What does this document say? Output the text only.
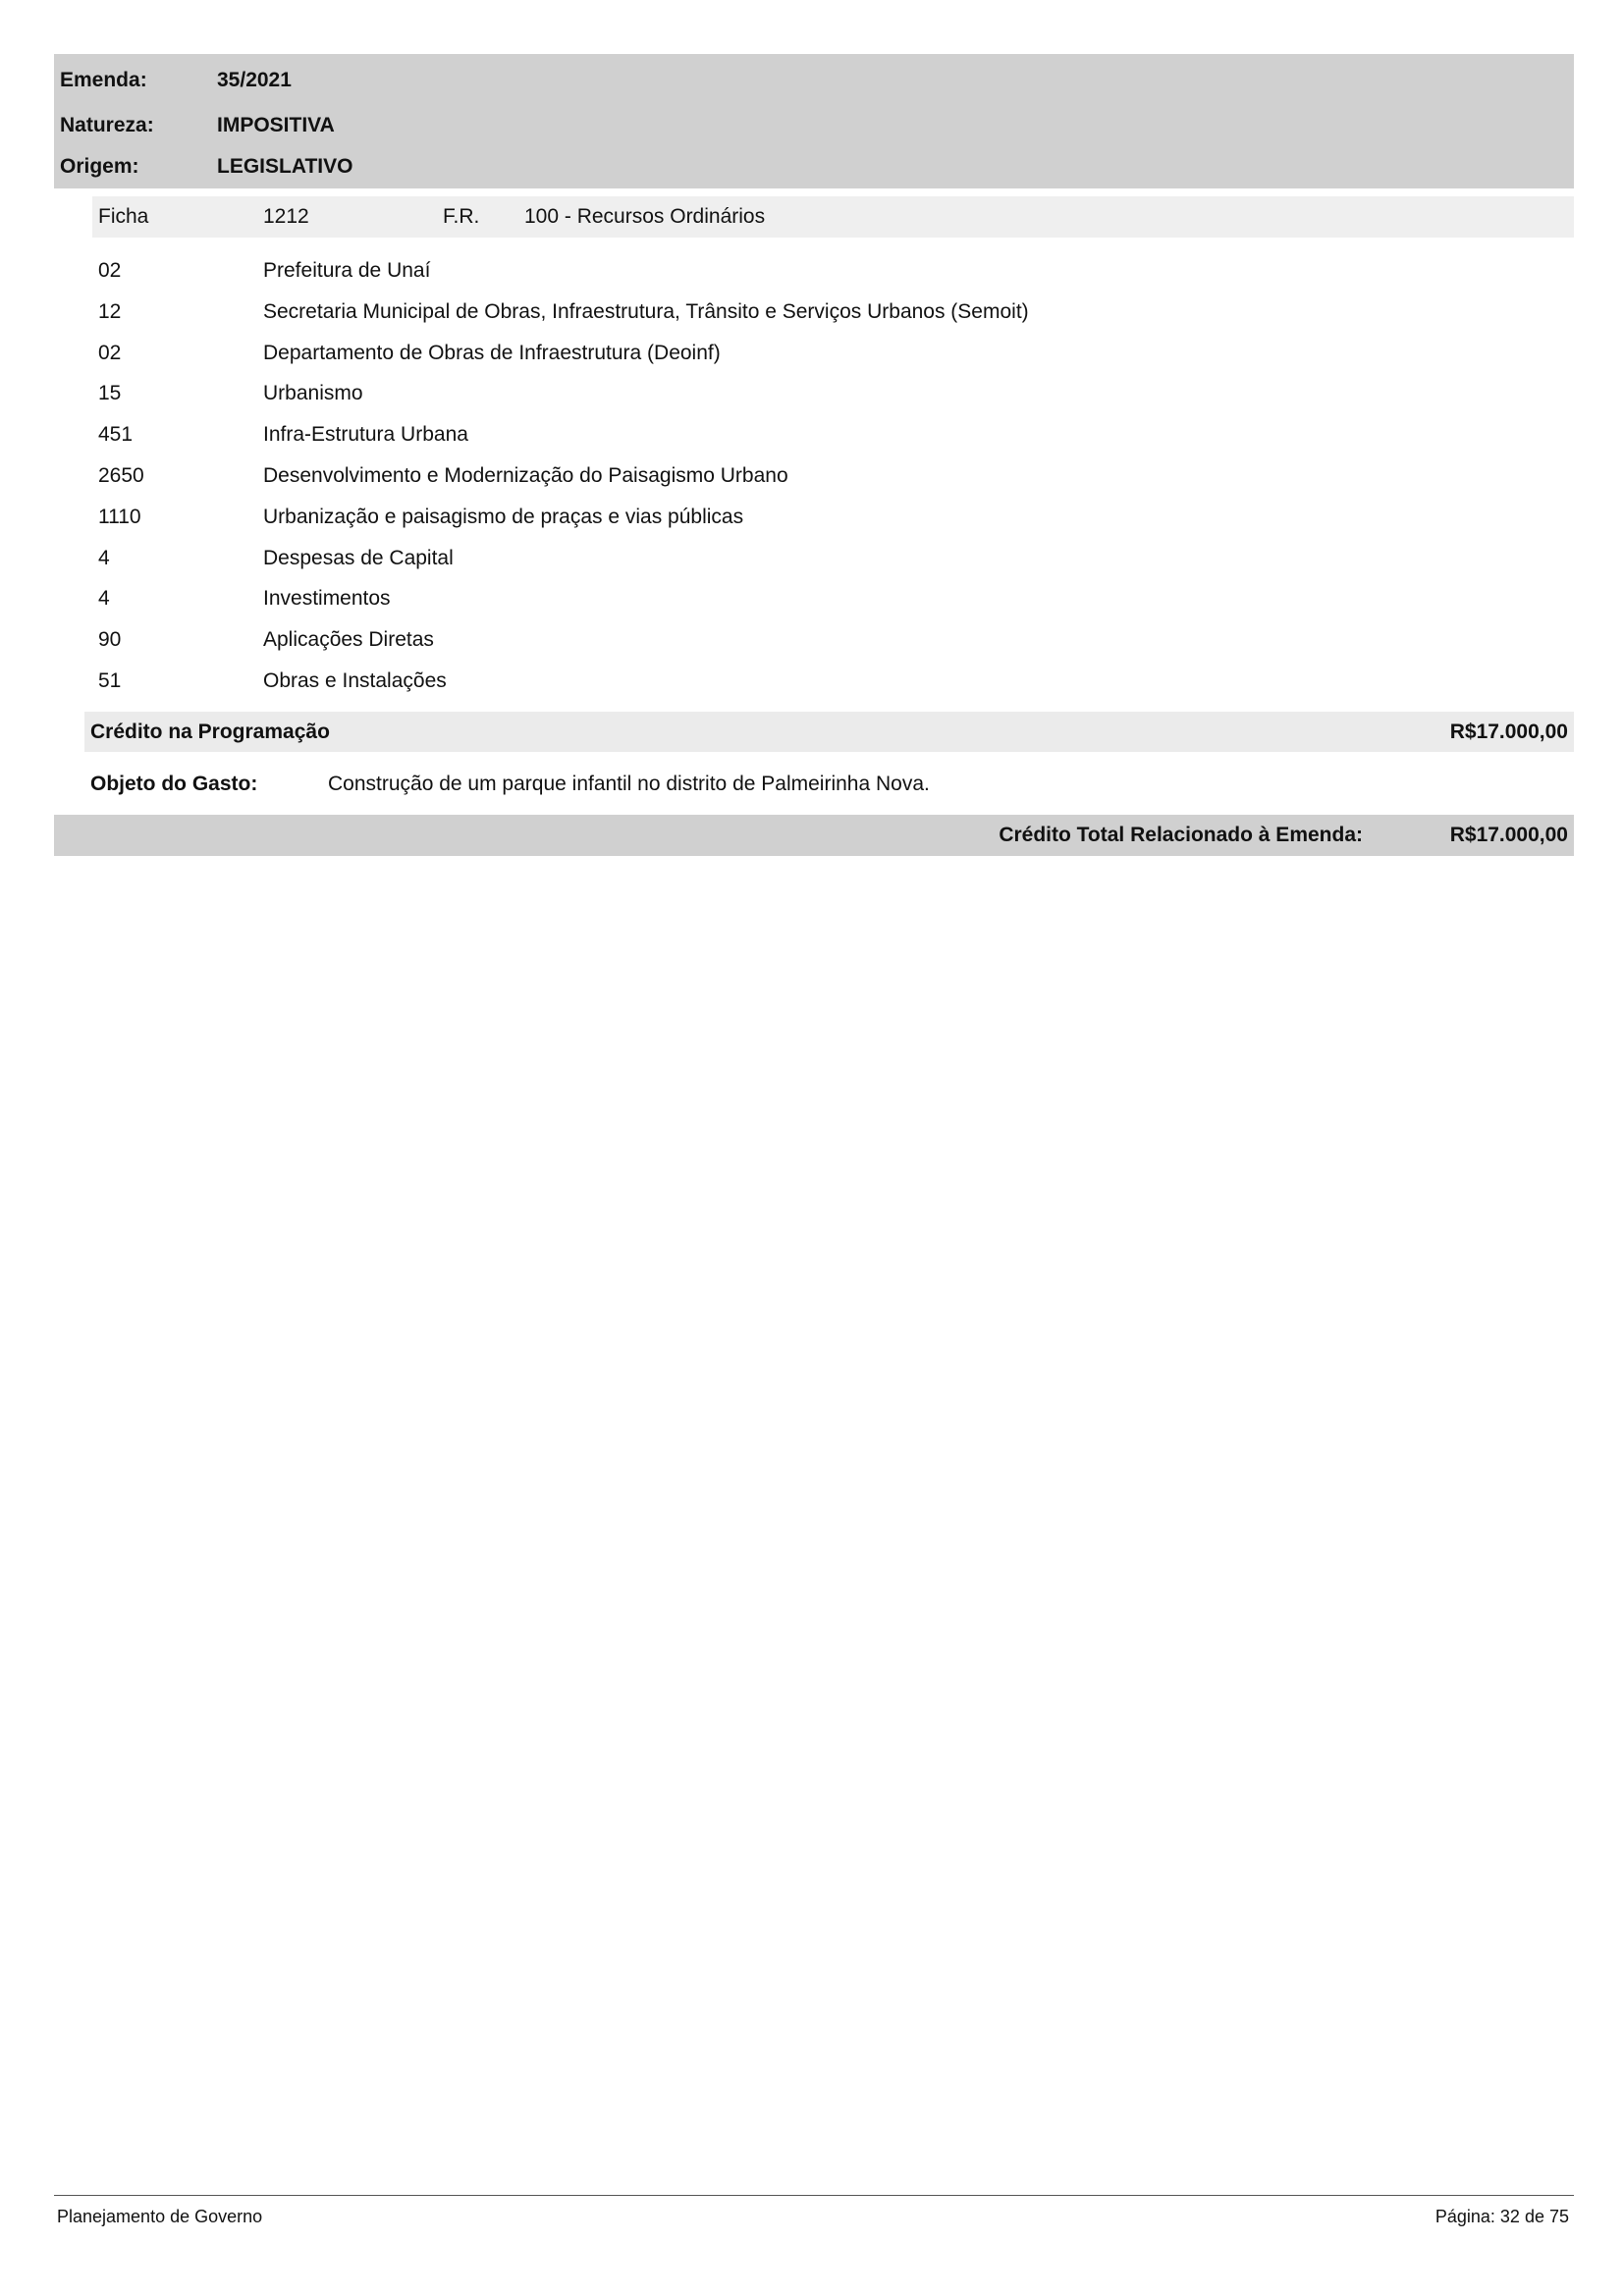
Emenda:	35/2021
Natureza:	IMPOSITIVA
Origem:	LEGISLATIVO
Ficha	1212	F.R. 100 - Recursos Ordinários
02	Prefeitura de Unaí
12	Secretaria Municipal de Obras, Infraestrutura, Trânsito e Serviços Urbanos (Semoit)
02	Departamento de Obras de Infraestrutura (Deoinf)
15	Urbanismo
451	Infra-Estrutura Urbana
2650	Desenvolvimento e Modernização do Paisagismo Urbano
1110	Urbanização e paisagismo de praças e vias públicas
4	Despesas de Capital
4	Investimentos
90	Aplicações Diretas
51	Obras e Instalações
Crédito na Programação	R$17.000,00
Objeto do Gasto:	Construção de um parque infantil no distrito de Palmeirinha Nova.
Crédito Total Relacionado à Emenda:	R$17.000,00
Planejamento de Governo	Página: 32 de 75
